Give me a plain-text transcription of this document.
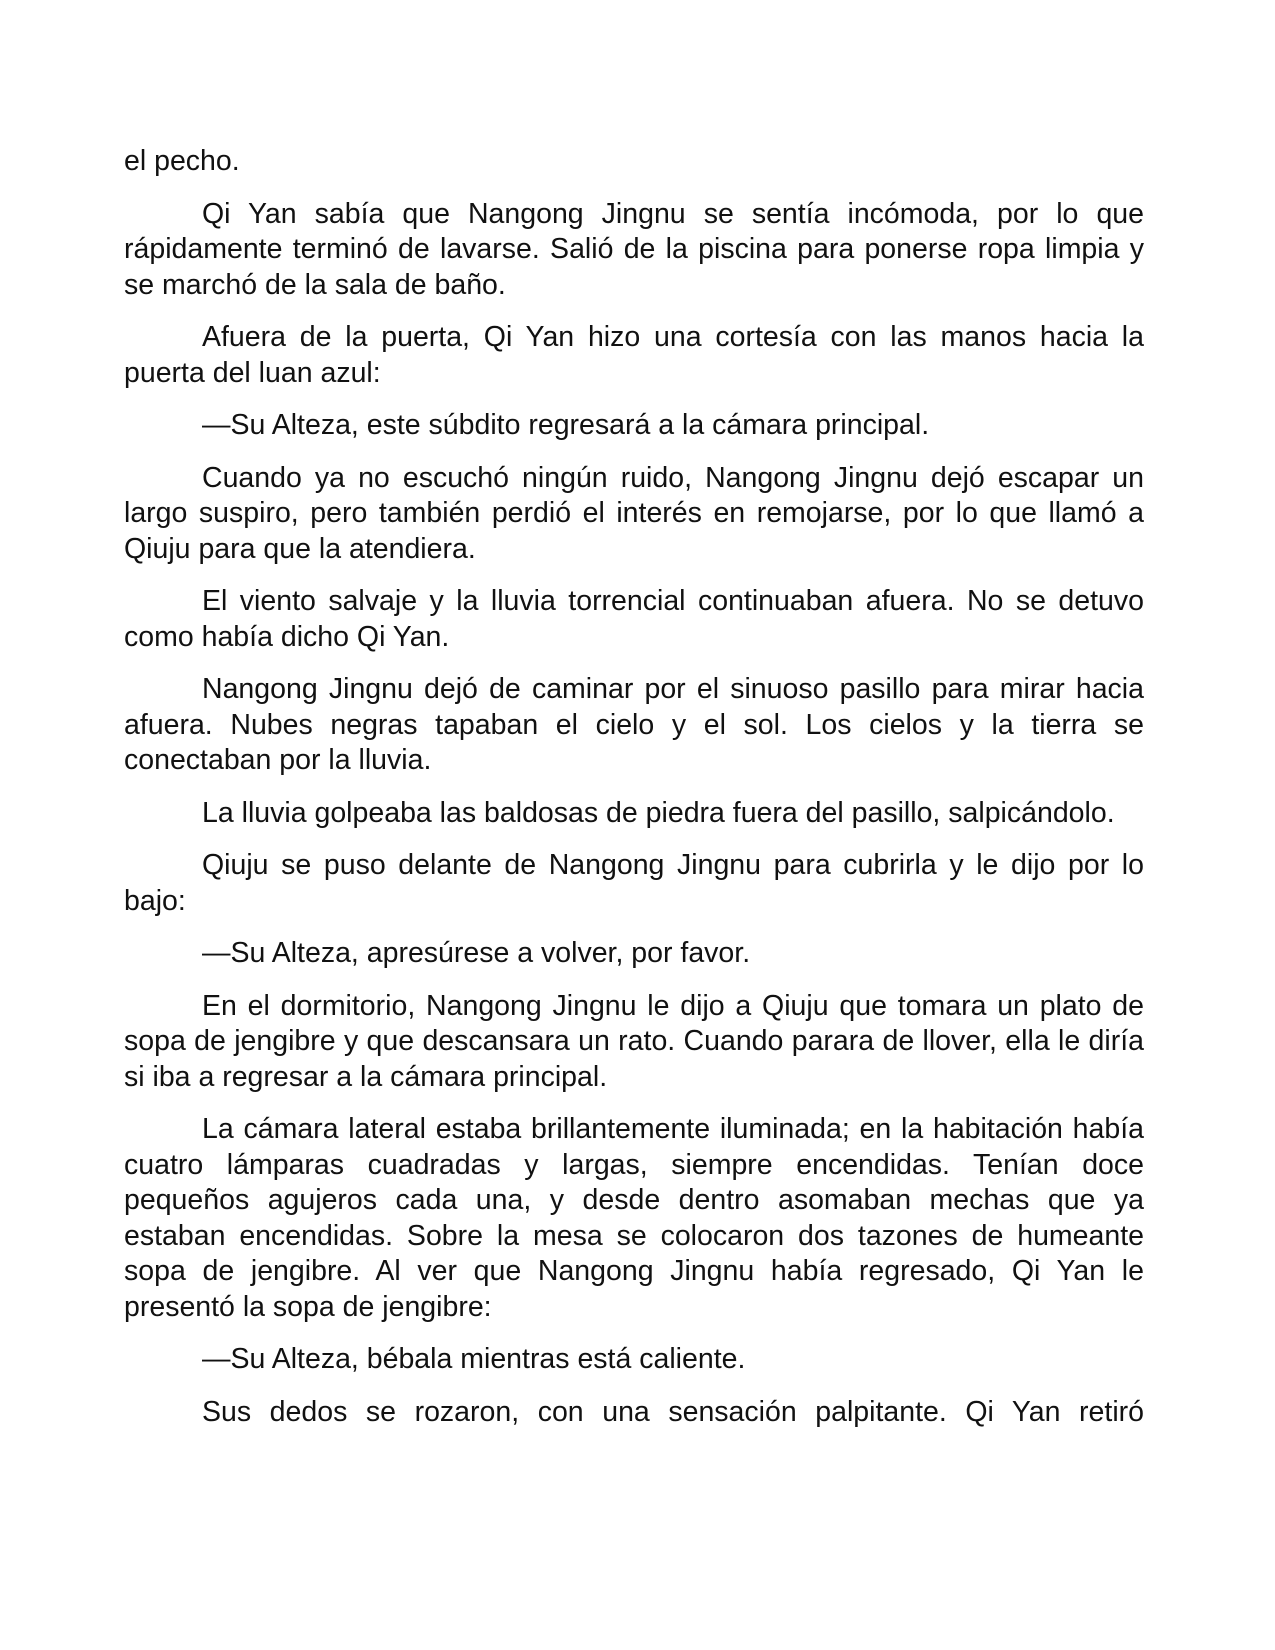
el pecho.

Qi Yan sabía que Nangong Jingnu se sentía incómoda, por lo que rápidamente terminó de lavarse. Salió de la piscina para ponerse ropa limpia y se marchó de la sala de baño.

Afuera de la puerta, Qi Yan hizo una cortesía con las manos hacia la puerta del luan azul:

—Su Alteza, este súbdito regresará a la cámara principal.

Cuando ya no escuchó ningún ruido, Nangong Jingnu dejó escapar un largo suspiro, pero también perdió el interés en remojarse, por lo que llamó a Qiuju para que la atendiera.

El viento salvaje y la lluvia torrencial continuaban afuera. No se detuvo como había dicho Qi Yan.

Nangong Jingnu dejó de caminar por el sinuoso pasillo para mirar hacia afuera. Nubes negras tapaban el cielo y el sol. Los cielos y la tierra se conectaban por la lluvia.

La lluvia golpeaba las baldosas de piedra fuera del pasillo, salpicándolo.

Qiuju se puso delante de Nangong Jingnu para cubrirla y le dijo por lo bajo:

—Su Alteza, apresúrese a volver, por favor.

En el dormitorio, Nangong Jingnu le dijo a Qiuju que tomara un plato de sopa de jengibre y que descansara un rato. Cuando parara de llover, ella le diría si iba a regresar a la cámara principal.

La cámara lateral estaba brillantemente iluminada; en la habitación había cuatro lámparas cuadradas y largas, siempre encendidas. Tenían doce pequeños agujeros cada una, y desde dentro asomaban mechas que ya estaban encendidas. Sobre la mesa se colocaron dos tazones de humeante sopa de jengibre. Al ver que Nangong Jingnu había regresado, Qi Yan le presentó la sopa de jengibre:

—Su Alteza, bébala mientras está caliente.

Sus dedos se rozaron, con una sensación palpitante. Qi Yan retiró
